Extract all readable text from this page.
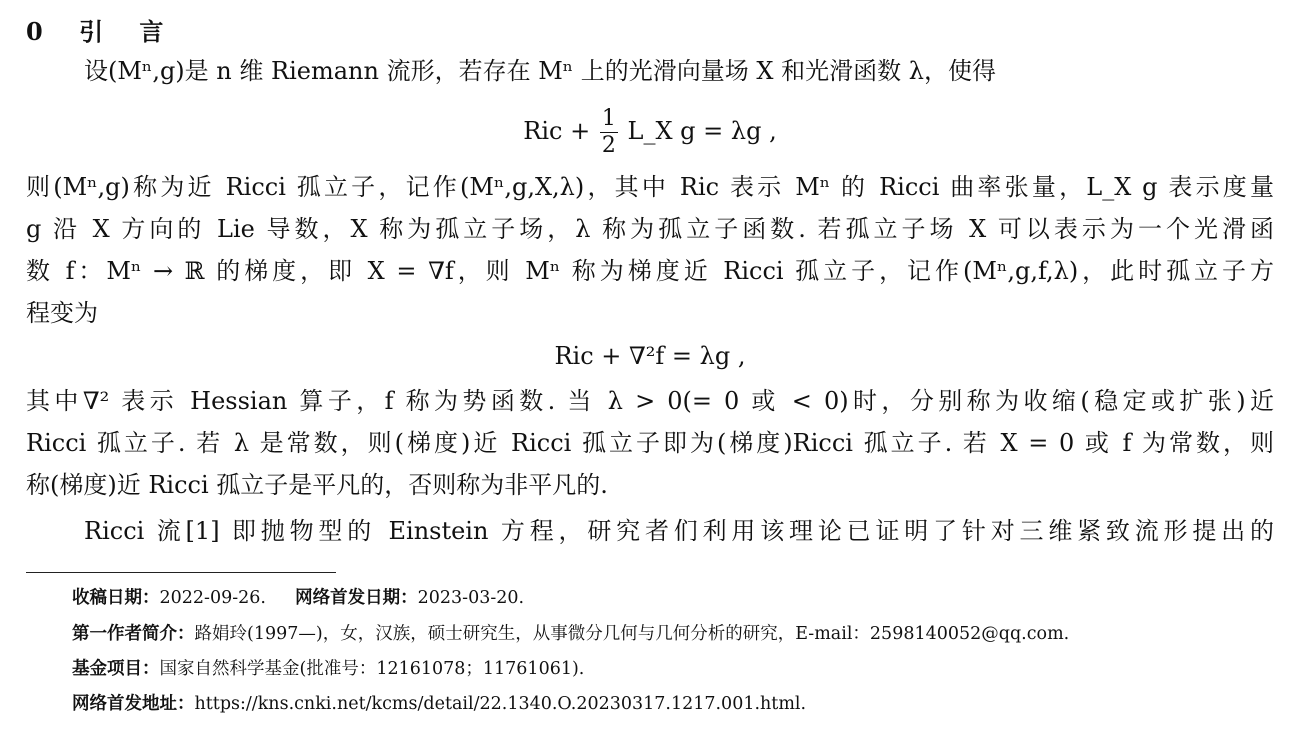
0 引 言
设(Mⁿ,g)是 n 维 Riemann 流形，若存在 Mⁿ 上的光滑向量场 X 和光滑函数 λ，使得
Ric + $\frac{1}{2}$ L_X g = λg ,
则(Mⁿ,g)称为近 Ricci 孤立子，记作(Mⁿ,g,X,λ)，其中 Ric 表示 Mⁿ 的 Ricci 曲率张量，L_X g 表示度量
g 沿 X 方向的 Lie 导数，X 称为孤立子场，λ 称为孤立子函数. 若孤立子场 X 可以表示为一个光滑函
数 f：Mⁿ → ℝ 的梯度，即 X = ∇f，则 Mⁿ 称为梯度近 Ricci 孤立子，记作(Mⁿ,g,f,λ)，此时孤立子方
程变为
Ric + ∇²f = λg ,
其中∇² 表示 Hessian 算子，f 称为势函数. 当 λ > 0(= 0 或 < 0)时，分别称为收缩(稳定或扩张)近
Ricci 孤立子. 若 λ 是常数，则(梯度)近 Ricci 孤立子即为(梯度)Ricci 孤立子. 若 X = 0 或 f 为常数，则
称(梯度)近 Ricci 孤立子是平凡的，否则称为非平凡的.
Ricci 流[1] 即抛物型的 Einstein 方程，研究者们利用该理论已证明了针对三维紧致流形提出的
收稿日期：2022-09-26. 网络首发日期：2023-03-20.
第一作者简介：路娟玲(1997—)，女，汉族，硕士研究生，从事微分几何与几何分析的研究，E-mail：2598140052@qq.com.
基金项目：国家自然科学基金(批准号：12161078；11761061).
网络首发地址：https://kns.cnki.net/kcms/detail/22.1340.O.20230317.1217.001.html.
